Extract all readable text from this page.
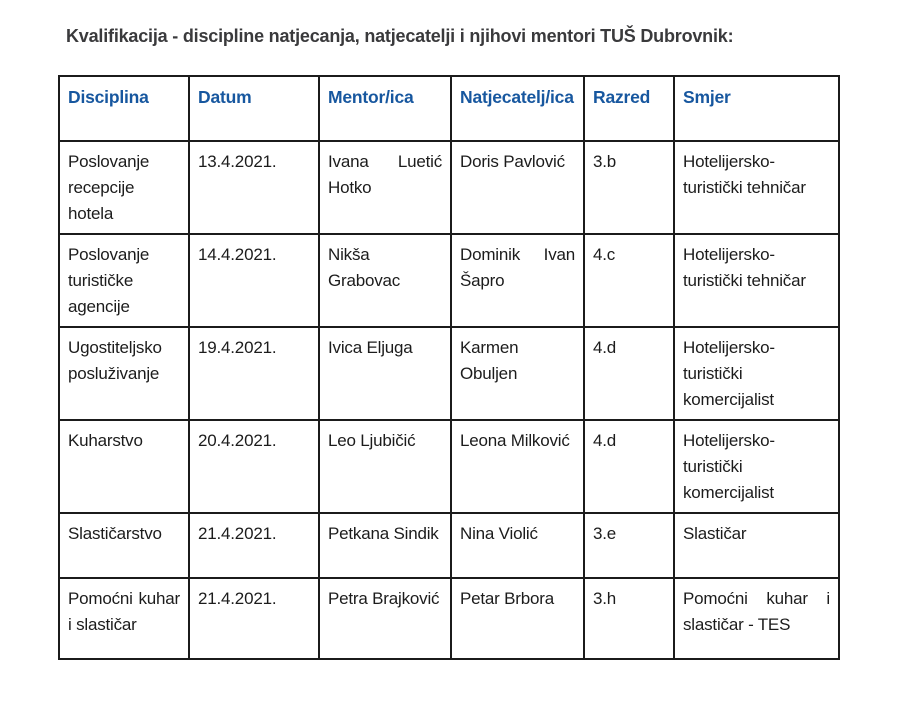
Kvalifikacija - discipline natjecanja, natjecatelji i njihovi mentori TUŠ Dubrovnik:

Disciplina	Datum	Mentor/ica	Natjecatelj/ica	Razred	Smjer
Poslovanje recepcije hotela	13.4.2021.	Ivana Luetić Hotko	Doris Pavlović	3.b	Hotelijersko-turistički tehničar
Poslovanje turističke agencije	14.4.2021.	Nikša Grabovac	Dominik Ivan Šapro	4.c	Hotelijersko-turistički tehničar
Ugostiteljsko posluživanje	19.4.2021.	Ivica Eljuga	Karmen Obuljen	4.d	Hotelijersko-turistički komercijalist
Kuharstvo	20.4.2021.	Leo Ljubičić	Leona Milković	4.d	Hotelijersko-turistički komercijalist
Slastičarstvo	21.4.2021.	Petkana Sindik	Nina Violić	3.e	Slastičar
Pomoćni kuhar i slastičar	21.4.2021.	Petra Brajković	Petar Brbora	3.h	Pomoćni kuhar i slastičar - TES
